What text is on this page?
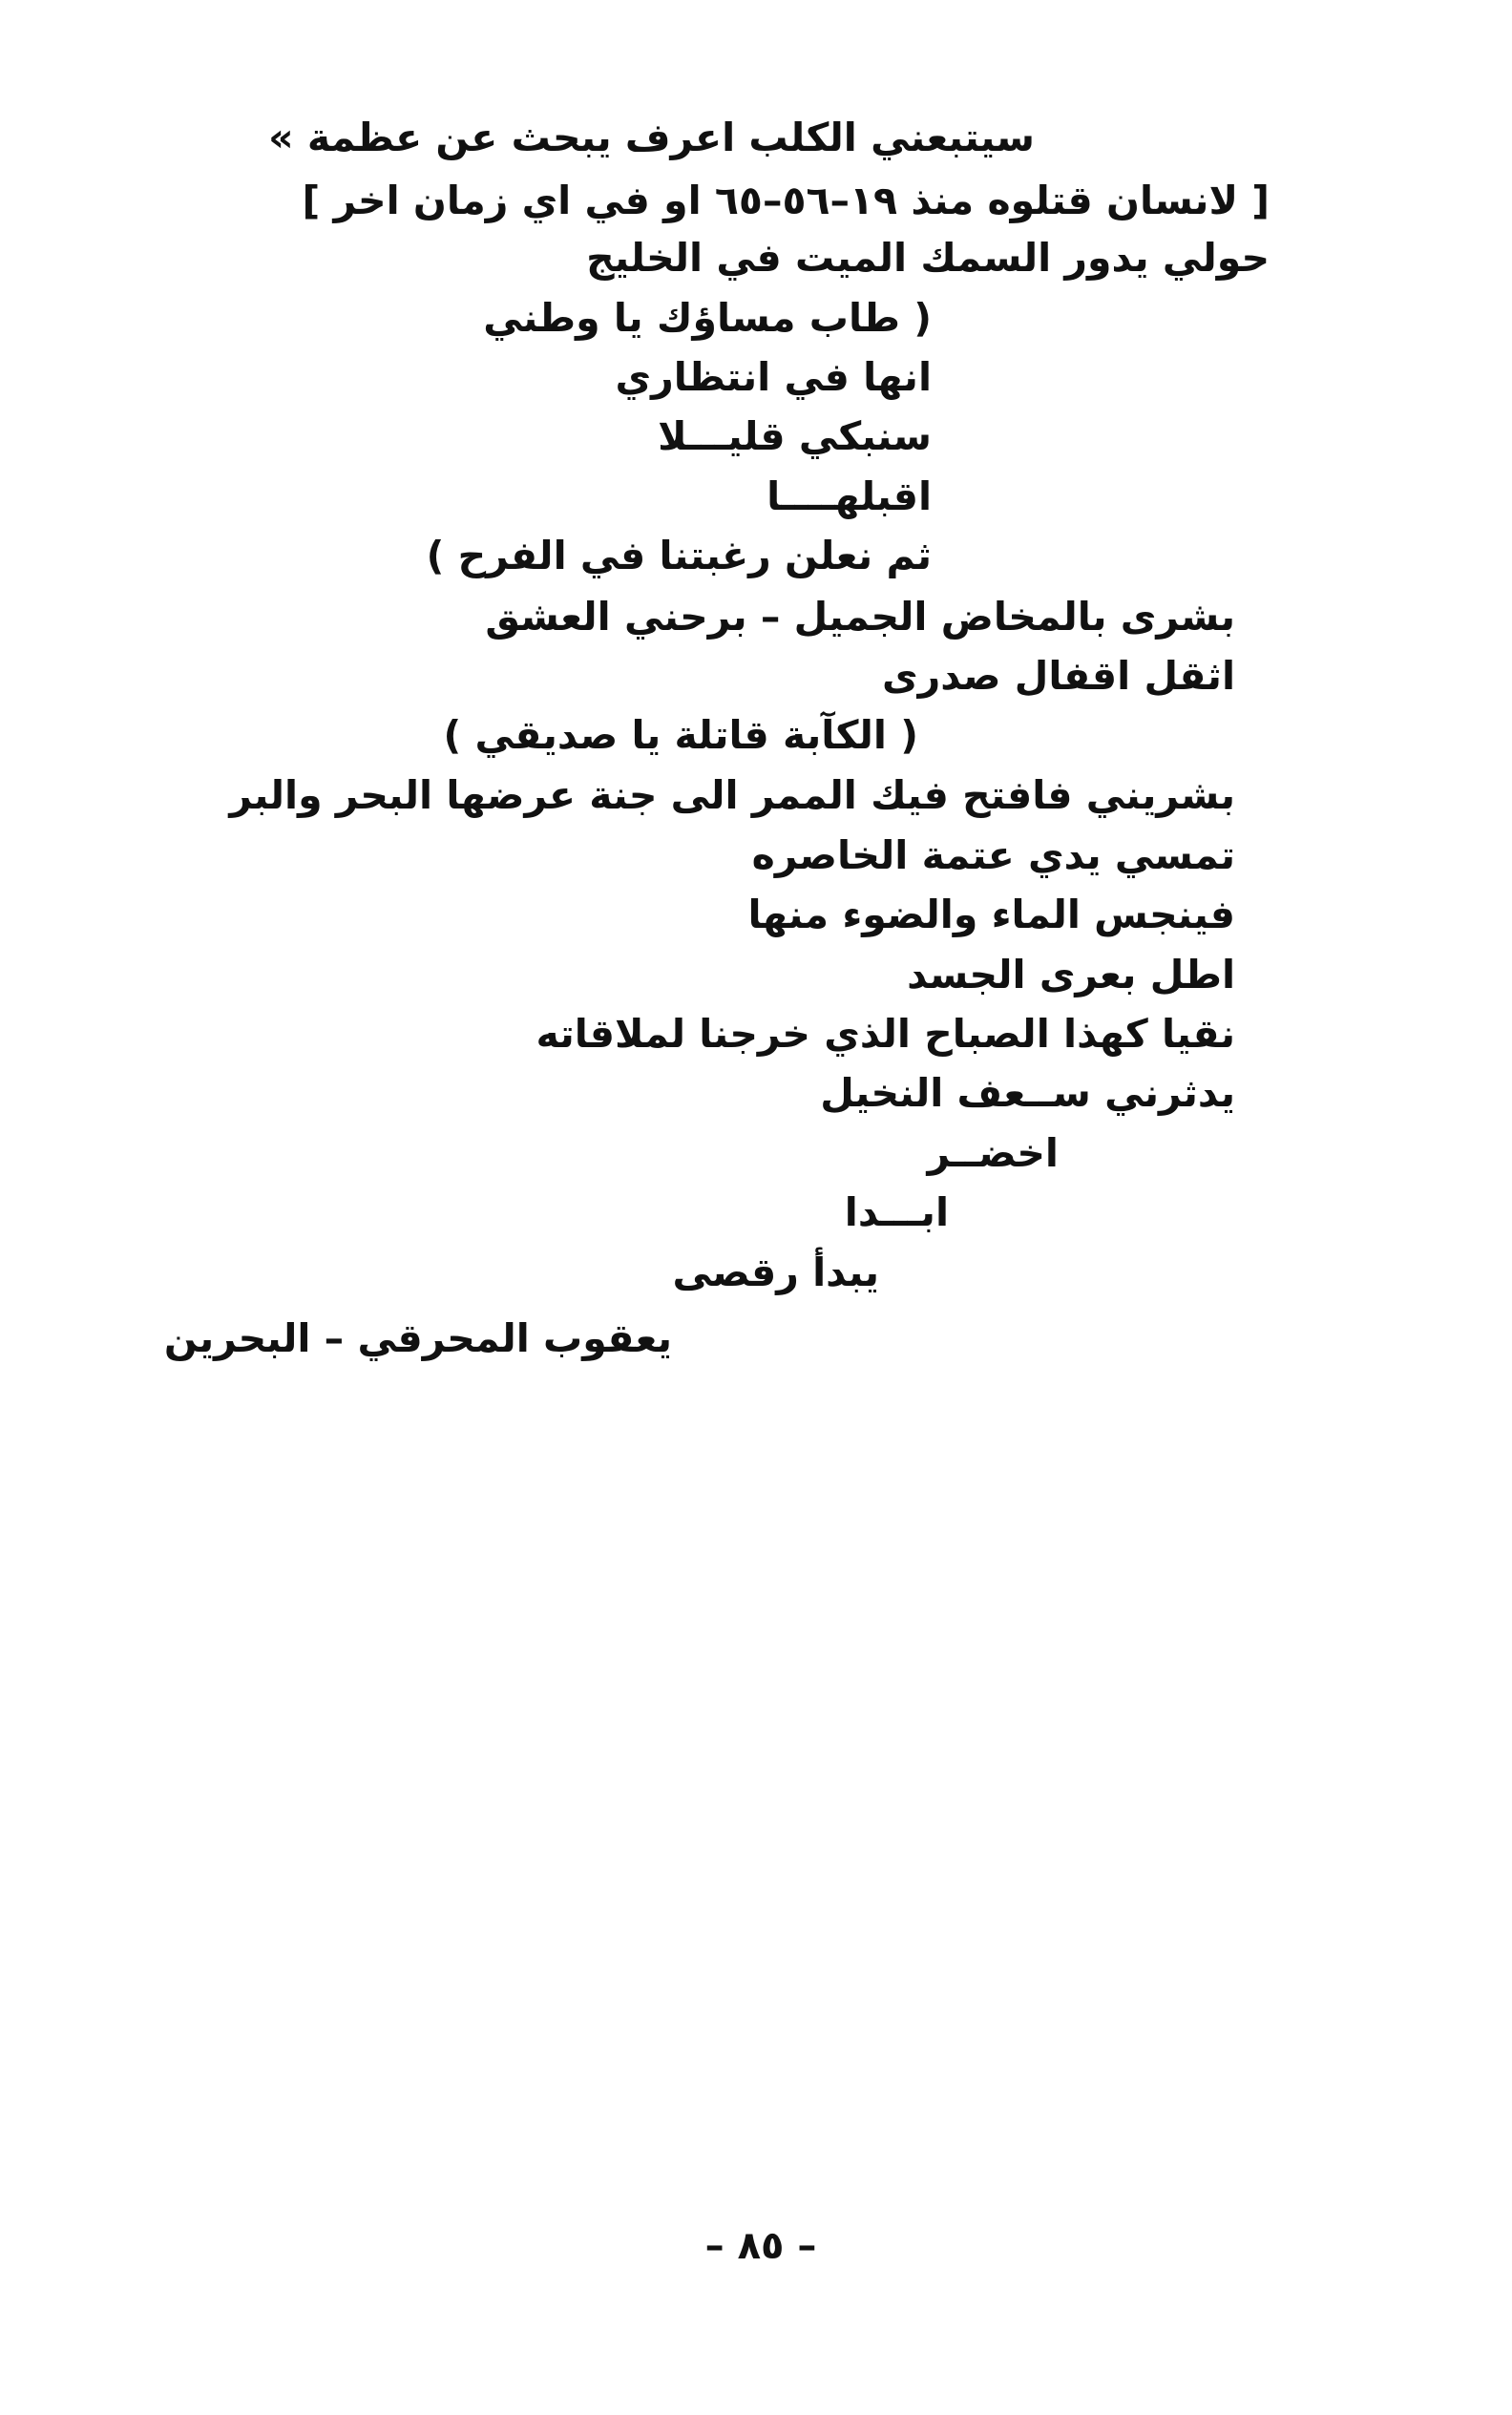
سيتبعني الكلب اعرف يبحث عن عظمة »
[ لانسان قتلوه منذ ١٩–٥٦–٦٥ او في اي زمان اخر ]
حولي يدور السمك الميت في الخليج
( طاب مساؤك يا وطني
انها في انتظاري
سنبكي قليـــلا
اقبلهــــا
ثم نعلن رغبتنا في الفرح )
بشرى بالمخاض الجميل – برحني العشق
اثقل اقفال صدرى
( الكآبة قاتلة يا صديقي )
بشريني فافتح فيك الممر الى جنة عرضها البحر والبر
تمسي يدي عتمة الخاصره
فينجس الماء والضوء منها
اطل بعرى الجسد
نقيا كهذا الصباح الذي خرجنا لملاقاته
يدثرني ســعف النخيل
اخضــر
ابـــدا
يبدأ رقصى
يعقوب المحرقي – البحرين
– ٨٥ –
